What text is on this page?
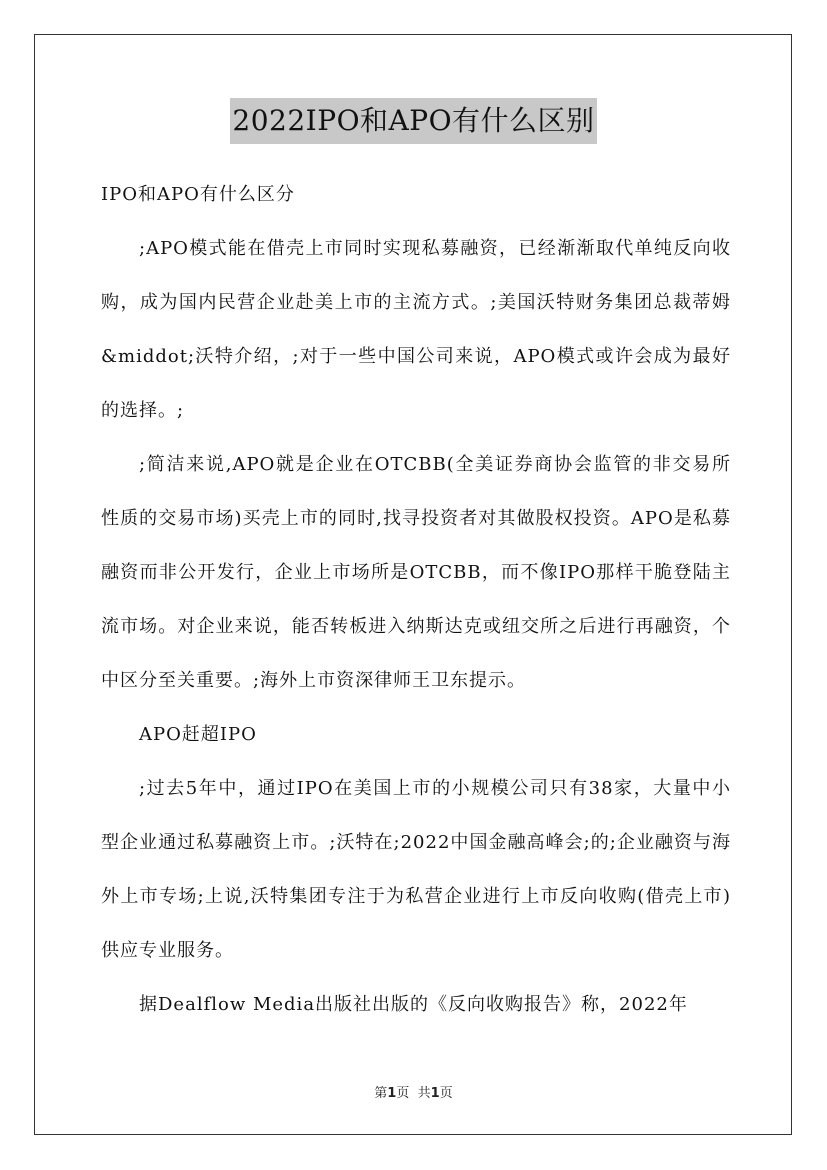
2022IPO和APO有什么区别

IPO和APO有什么区分

;APO模式能在借壳上市同时实现私募融资，已经渐渐取代单纯反向收购，成为国内民营企业赴美上市的主流方式。;美国沃特财务集团总裁蒂姆&middot;沃特介绍，;对于一些中国公司来说，APO模式或许会成为最好的选择。;

;简洁来说,APO就是企业在OTCBB(全美证券商协会监管的非交易所性质的交易市场)买壳上市的同时,找寻投资者对其做股权投资。APO是私募融资而非公开发行，企业上市场所是OTCBB，而不像IPO那样干脆登陆主流市场。对企业来说，能否转板进入纳斯达克或纽交所之后进行再融资，个中区分至关重要。;海外上市资深律师王卫东提示。

APO赶超IPO

;过去5年中，通过IPO在美国上市的小规模公司只有38家，大量中小型企业通过私募融资上市。;沃特在;2022中国金融高峰会;的;企业融资与海外上市专场;上说,沃特集团专注于为私营企业进行上市反向收购(借壳上市)供应专业服务。

据Dealflow Media出版社出版的《反向收购报告》称，2022年

第1页 共1页
